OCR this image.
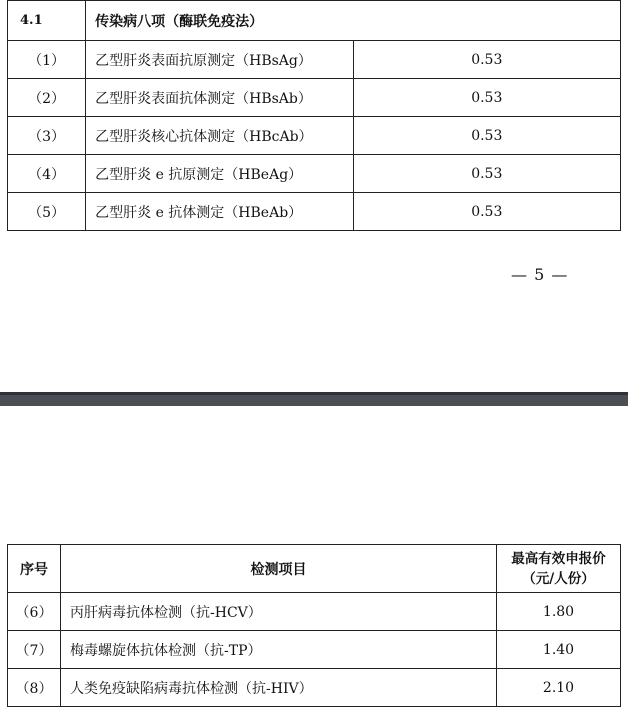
4.1	传染病八项（酶联免疫法）	
（1）	乙型肝炎表面抗原测定（HBsAg）	0.53
（2）	乙型肝炎表面抗体测定（HBsAb）	0.53
（3）	乙型肝炎核心抗体测定（HBcAb）	0.53
（4）	乙型肝炎 e 抗原测定（HBeAg）	0.53
（5）	乙型肝炎 e 抗体测定（HBeAb）	0.53
— 5 —
序号	检测项目	最高有效申报价
（元/人份）

（6）	丙肝病毒抗体检测（抗-HCV）	1.80
（7）	梅毒螺旋体抗体检测（抗-TP）	1.40
（8）	人类免疫缺陷病毒抗体检测（抗-HIV）	2.10
